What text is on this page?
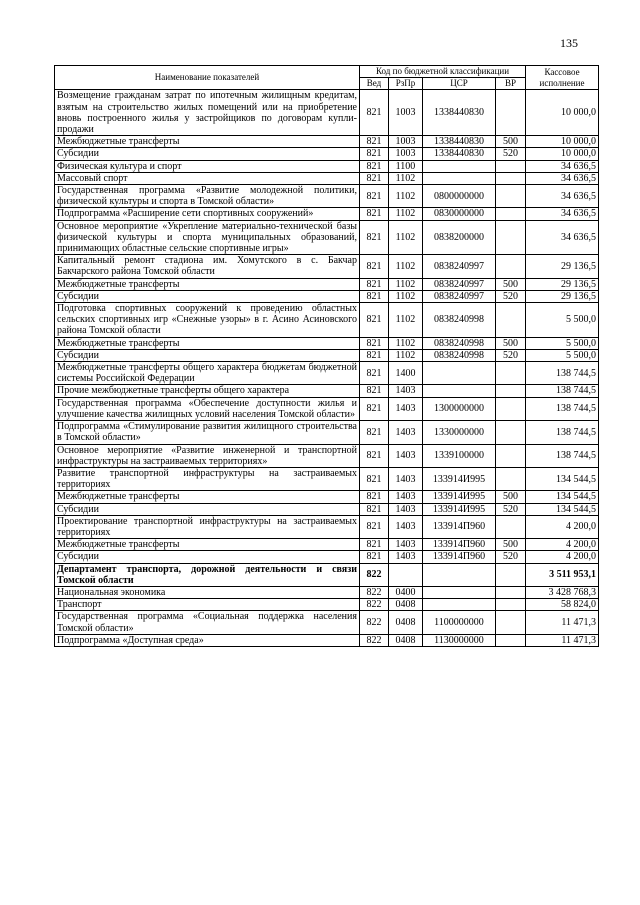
135
Наименование показателей	Код по бюджетной классификации				Кассовое исполнение
	Вед	РзПр	ЦСР	ВР	
Возмещение гражданам затрат по ипотечным жилищным кредитам, взятым на строительство жилых помещений или на приобретение вновь построенного жилья у застройщиков по договорам купли-продажи	821	1003	1338440830		10 000,0
Межбюджетные трансферты	821	1003	1338440830	500	10 000,0
Субсидии	821	1003	1338440830	520	10 000,0
Физическая культура и спорт	821	1100			34 636,5
Массовый спорт	821	1102			34 636,5
Государственная программа «Развитие молодежной политики, физической культуры и спорта в Томской области»	821	1102	0800000000		34 636,5
Подпрограмма «Расширение сети спортивных сооружений»	821	1102	0830000000		34 636,5
Основное мероприятие «Укрепление материально-технической базы физической культуры и спорта муниципальных образований, принимающих областные сельские спортивные игры»	821	1102	0838200000		34 636,5
Капитальный ремонт стадиона им. Хомутского в с. Бакчар Бакчарского района Томской области	821	1102	0838240997		29 136,5
Межбюджетные трансферты	821	1102	0838240997	500	29 136,5
Субсидии	821	1102	0838240997	520	29 136,5
Подготовка спортивных сооружений к проведению областных сельских спортивных игр «Снежные узоры» в г. Асино Асиновского района Томской области	821	1102	0838240998		5 500,0
Межбюджетные трансферты	821	1102	0838240998	500	5 500,0
Субсидии	821	1102	0838240998	520	5 500,0
Межбюджетные трансферты общего характера бюджетам бюджетной системы Российской Федерации	821	1400			138 744,5
Прочие межбюджетные трансферты общего характера	821	1403			138 744,5
Государственная программа «Обеспечение доступности жилья и улучшение качества жилищных условий населения Томской области»	821	1403	1300000000		138 744,5
Подпрограмма «Стимулирование развития жилищного строительства в Томской области»	821	1403	1330000000		138 744,5
Основное мероприятие «Развитие инженерной и транспортной инфраструктуры на застраиваемых территориях»	821	1403	1339100000		138 744,5
Развитие транспортной инфраструктуры на застраиваемых территориях	821	1403	133914И995		134 544,5
Межбюджетные трансферты	821	1403	133914И995	500	134 544,5
Субсидии	821	1403	133914И995	520	134 544,5
Проектирование транспортной инфраструктуры на застраиваемых территориях	821	1403	133914П960		4 200,0
Межбюджетные трансферты	821	1403	133914П960	500	4 200,0
Субсидии	821	1403	133914П960	520	4 200,0
Департамент транспорта, дорожной деятельности и связи Томской области	822				3 511 953,1
Национальная экономика	822	0400			3 428 768,3
Транспорт	822	0408			58 824,0
Государственная программа «Социальная поддержка населения Томской области»	822	0408	1100000000		11 471,3
Подпрограмма «Доступная среда»	822	0408	1130000000		11 471,3
